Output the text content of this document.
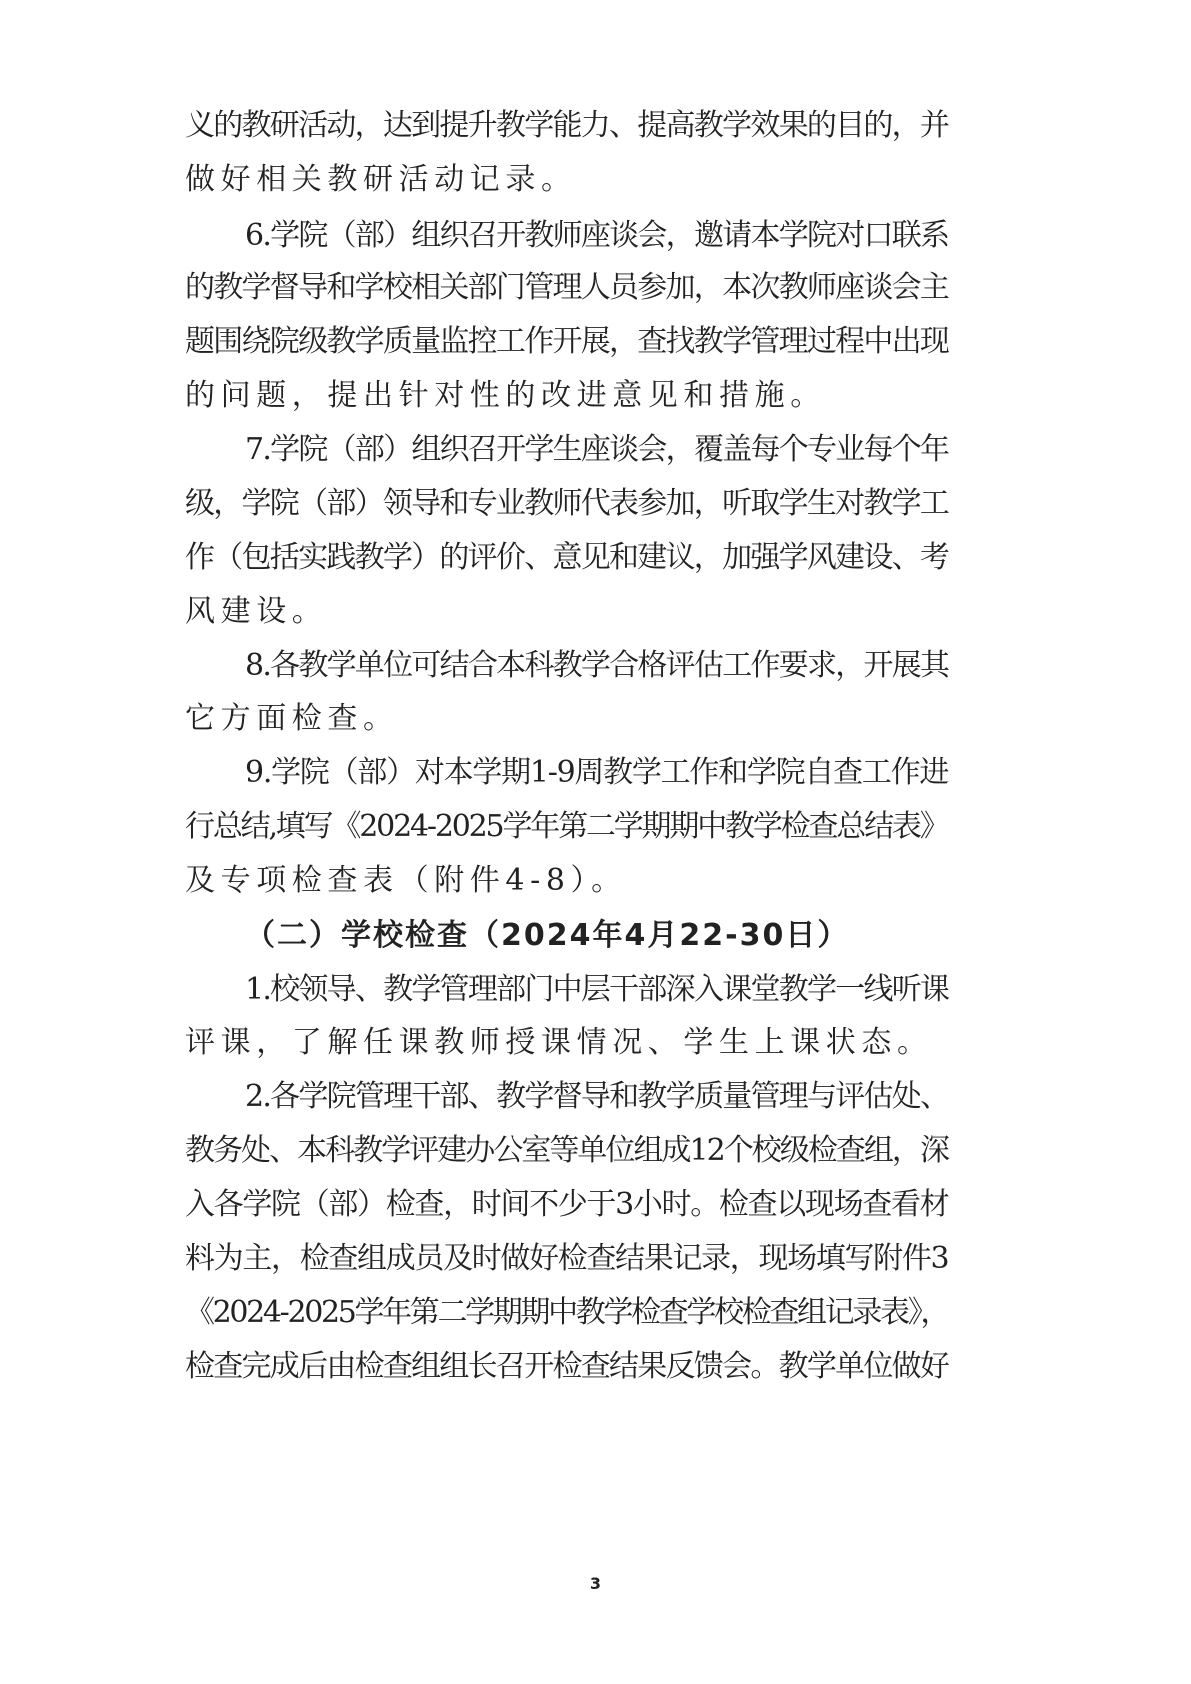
义的教研活动，达到提升教学能力、提高教学效果的目的，并
做好相关教研活动记录。
6.学院（部）组织召开教师座谈会，邀请本学院对口联系
的教学督导和学校相关部门管理人员参加，本次教师座谈会主
题围绕院级教学质量监控工作开展，查找教学管理过程中出现
的问题，提出针对性的改进意见和措施。
7.学院（部）组织召开学生座谈会，覆盖每个专业每个年
级，学院（部）领导和专业教师代表参加，听取学生对教学工
作（包括实践教学）的评价、意见和建议，加强学风建设、考
风建设。
8.各教学单位可结合本科教学合格评估工作要求，开展其
它方面检查。
9.学院（部）对本学期1-9周教学工作和学院自查工作进
行总结,填写《2024-2025学年第二学期期中教学检查总结表》
及专项检查表（附件4-8）。
（二）学校检查（2024年4月22-30日）
1.校领导、教学管理部门中层干部深入课堂教学一线听课
评课，了解任课教师授课情况、学生上课状态。
2.各学院管理干部、教学督导和教学质量管理与评估处、
教务处、本科教学评建办公室等单位组成12个校级检查组，深
入各学院（部）检查，时间不少于3小时。检查以现场查看材
料为主，检查组成员及时做好检查结果记录，现场填写附件3
《2024-2025学年第二学期期中教学检查学校检查组记录表》，
检查完成后由检查组组长召开检查结果反馈会。教学单位做好
3
